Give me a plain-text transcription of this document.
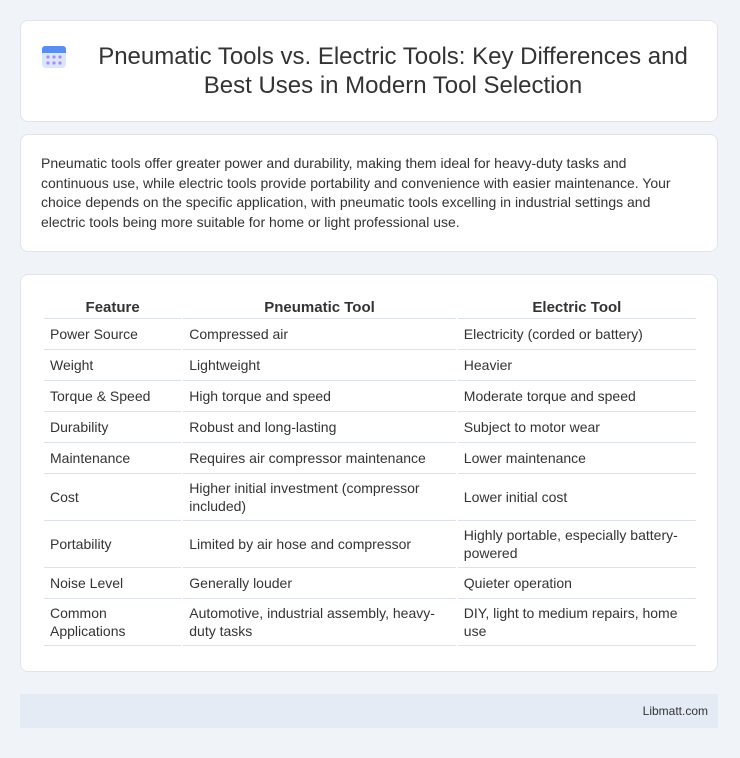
Pneumatic Tools vs. Electric Tools: Key Differences and Best Uses in Modern Tool Selection

Pneumatic tools offer greater power and durability, making them ideal for heavy-duty tasks and continuous use, while electric tools provide portability and convenience with easier maintenance. Your choice depends on the specific application, with pneumatic tools excelling in industrial settings and electric tools being more suitable for home or light professional use.

Feature	Pneumatic Tool	Electric Tool
Power Source	Compressed air	Electricity (corded or battery)
Weight	Lightweight	Heavier
Torque & Speed	High torque and speed	Moderate torque and speed
Durability	Robust and long-lasting	Subject to motor wear
Maintenance	Requires air compressor maintenance	Lower maintenance
Cost	Higher initial investment (compressor included)	Lower initial cost
Portability	Limited by air hose and compressor	Highly portable, especially battery-powered
Noise Level	Generally louder	Quieter operation
Common Applications	Automotive, industrial assembly, heavy-duty tasks	DIY, light to medium repairs, home use
Libmatt.com
